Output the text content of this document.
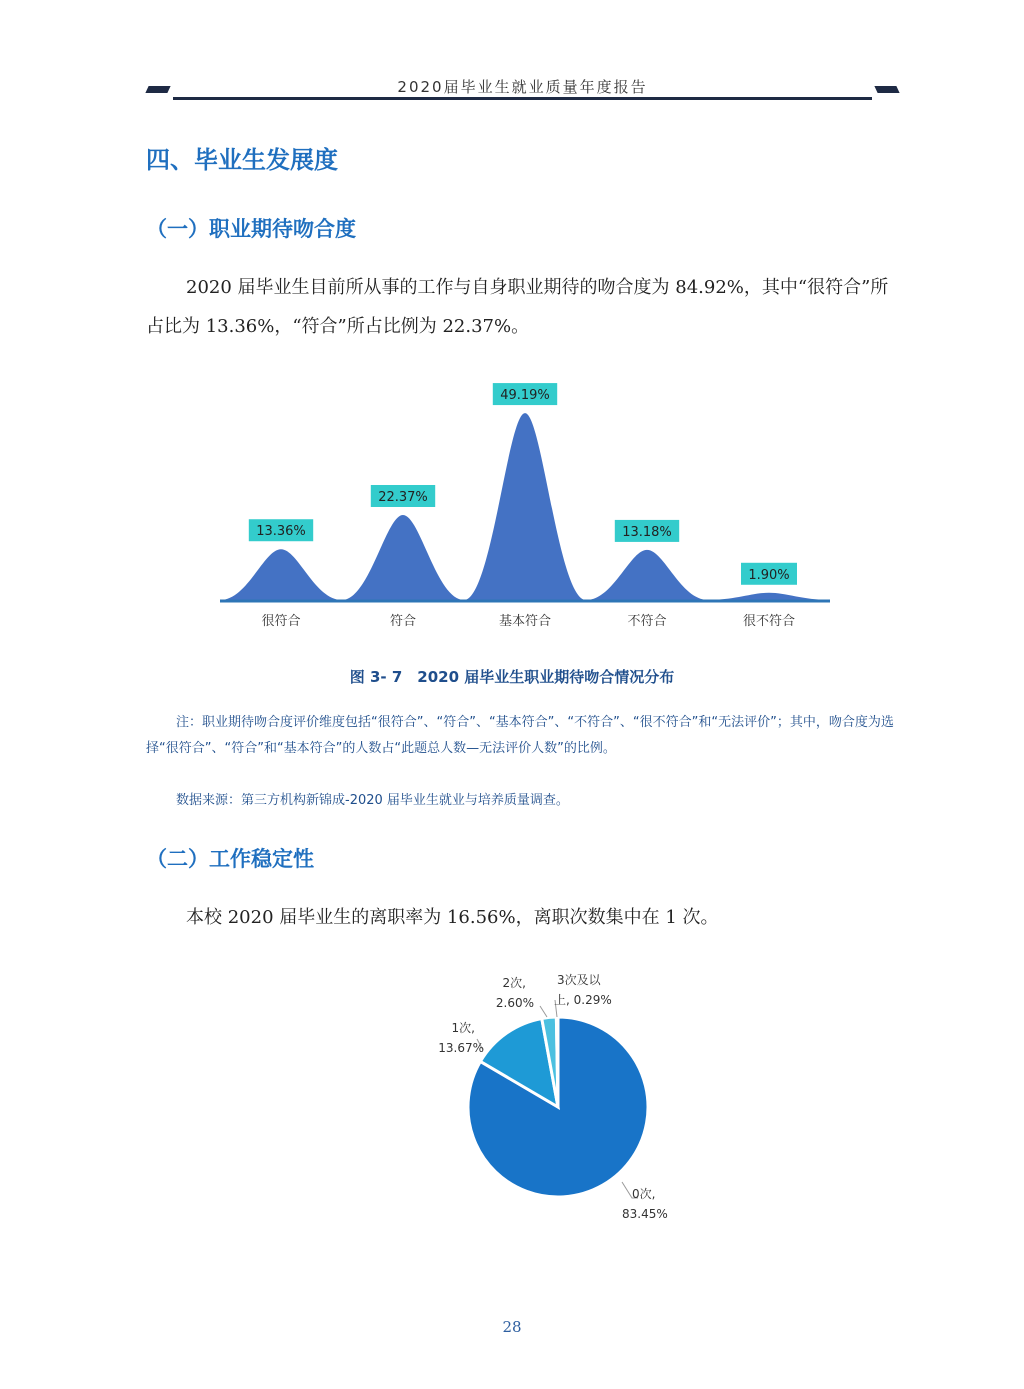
2020届毕业生就业质量年度报告
四、毕业生发展度
（一）职业期待吻合度
2020 届毕业生目前所从事的工作与自身职业期待的吻合度为 84.92%，其中“很符合”所占比为 13.36%，“符合”所占比例为 22.37%。
13.36%
很符合
22.37%
符合
49.19%
基本符合
13.18%
不符合
1.90%
很不符合
图 3- 7　2020 届毕业生职业期待吻合情况分布
注：职业期待吻合度评价维度包括“很符合”、“符合”、“基本符合”、“不符合”、“很不符合”和“无法评价”；其中，吻合度为选择“很符合”、“符合”和“基本符合”的人数占“此题总人数—无法评价人数”的比例。
数据来源：第三方机构新锦成-2020 届毕业生就业与培养质量调查。
（二）工作稳定性
本校 2020 届毕业生的离职率为 16.56%，离职次数集中在 1 次。
1次,
13.67%
2次,
2.60%
3次及以
上, 0.29%
0次,
83.45%
28
